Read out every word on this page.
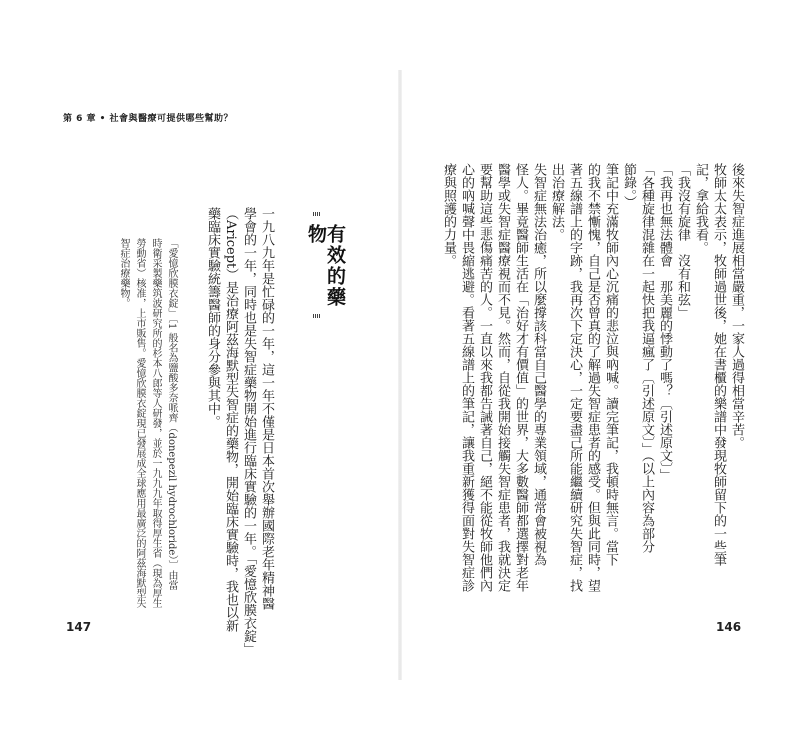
第 6 章 • 社會與醫療可提供哪些幫助？
有效的藥物
一九八九年是忙碌的一年，這一年不僅是日本首次舉辦國際老年精神醫
學會的一年，同時也是失智症藥物開始進行臨床實驗的一年。「愛憶欣膜衣錠」
（Aricept）是治療阿茲海默型失智症的藥物，開始臨床實驗時，我也以新
藥臨床實驗統籌醫師的身分參與其中。
「愛憶欣膜衣錠」〔1 般名為鹽酸多奈哌齊（donepezil hydrochloride）〕由當
時衛采製藥筑波研究所的杉本八郎等人研發，並於一九九九年取得厚生省（現為厚生
勞動省）核准，上市販售。愛憶欣膜衣錠現已發展成全球應用最廣泛的阿茲海默型失
智症治療藥物。
147
後來失智症進展相當嚴重，一家人過得相當辛苦。
牧師太太表示，牧師過世後，她在書櫃的樂譜中發現牧師留下的一些筆
記，拿給我看。
「我沒有旋律　沒有和弦」
「我再也無法體會　那美麗的悸動了嗎？〔引述原文〕」
「各種旋律混雜在一起快把我逼瘋了〔引述原文〕」（以上內容為部分
節錄。）
筆記中充滿牧師內心沉痛的悲泣與吶喊。讀完筆記，我頓時無言。當下
的我不禁慚愧，自己是否曾真的了解過失智症患者的感受。但與此同時，望
著五線譜上的字跡，我再次下定決心，一定要盡己所能繼續研究失智症，找
出治療解法。
失智症無法治癒，所以麼撐該科當自己醫學的專業領域，通常會被視為
怪人。畢竟醫師生活在「治好才有價值」的世界，大多數醫師都選擇對老年
醫學或失智症醫療視而不見。然而，自從我開始接觸失智症患者，我就決定
要幫助這些悲傷痛苦的人。一直以來我都告誡著自己，絕不能從牧師他們內
心的吶喊聲中畏縮逃避。看著五線譜上的筆記，讓我重新獲得面對失智症診
療與照護的力量。
146
